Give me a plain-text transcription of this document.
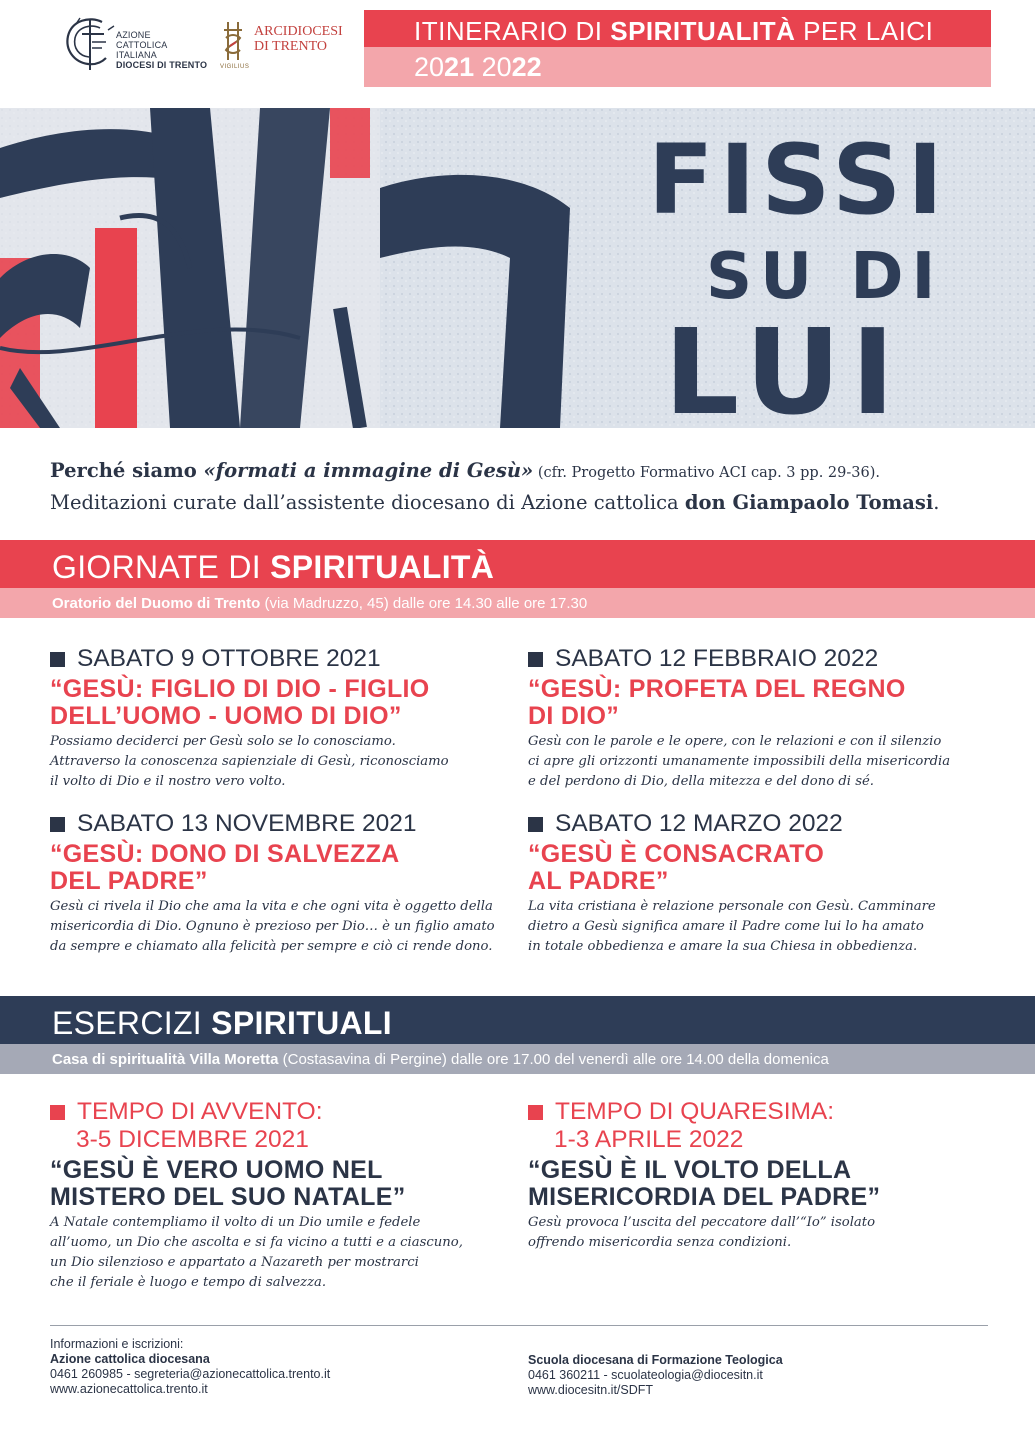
AZIONE
CATTOLICA
ITALIANA
DIOCESI DI TRENTO VIGILIUS
ARCIDIOCESI
DI TRENTO
ITINERARIO DI SPIRITUALITÀ PER LAICI
2021 2022
FISSI
SU DI
LUI

Perché siamo «formati a immagine di Gesù» (cfr. Progetto Formativo ACI cap. 3 pp. 29-36).

Meditazioni curate dall’assistente diocesano di Azione cattolica don Giampaolo Tomasi.

GIORNATE DI SPIRITUALITÀ
Oratorio del Duomo di Trento (via Madruzzo, 45) dalle ore 14.30 alle ore 17.30
SABATO 9 OTTOBRE 2021
“GESÙ: FIGLIO DI DIO - FIGLIO
DELL’UOMO - UOMO DI DIO”
Possiamo deciderci per Gesù solo se lo conosciamo.
Attraverso la conoscenza sapienziale di Gesù, riconosciamo
il volto di Dio e il nostro vero volto.
SABATO 12 FEBBRAIO 2022
“GESÙ: PROFETA DEL REGNO
DI DIO”
Gesù con le parole e le opere, con le relazioni e con il silenzio
ci apre gli orizzonti umanamente impossibili della misericordia
e del perdono di Dio, della mitezza e del dono di sé.
SABATO 13 NOVEMBRE 2021
“GESÙ: DONO DI SALVEZZA
DEL PADRE”
Gesù ci rivela il Dio che ama la vita e che ogni vita è oggetto della
misericordia di Dio. Ognuno è prezioso per Dio… è un figlio amato
da sempre e chiamato alla felicità per sempre e ciò ci rende dono.
SABATO 12 MARZO 2022
“GESÙ È CONSACRATO
AL PADRE”
La vita cristiana è relazione personale con Gesù. Camminare
dietro a Gesù significa amare il Padre come lui lo ha amato
in totale obbedienza e amare la sua Chiesa in obbedienza.
ESERCIZI SPIRITUALI
Casa di spiritualità Villa Moretta (Costasavina di Pergine) dalle ore 17.00 del venerdì alle ore 14.00 della domenica
TEMPO DI AVVENTO:
3-5 DICEMBRE 2021
“GESÙ È VERO UOMO NEL
MISTERO DEL SUO NATALE”
A Natale contempliamo il volto di un Dio umile e fedele
all’uomo, un Dio che ascolta e si fa vicino a tutti e a ciascuno,
un Dio silenzioso e appartato a Nazareth per mostrarci
che il feriale è luogo e tempo di salvezza.
TEMPO DI QUARESIMA:
1-3 APRILE 2022
“GESÙ È IL VOLTO DELLA
MISERICORDIA DEL PADRE”
Gesù provoca l’uscita del peccatore dall’“Io” isolato
offrendo misericordia senza condizioni.
Informazioni e iscrizioni:
Azione cattolica diocesana
0461 260985 - segreteria@azionecattolica.trento.it
www.azionecattolica.trento.it
Scuola diocesana di Formazione Teologica
0461 360211 - scuolateologia@diocesitn.it
www.diocesitn.it/SDFT
